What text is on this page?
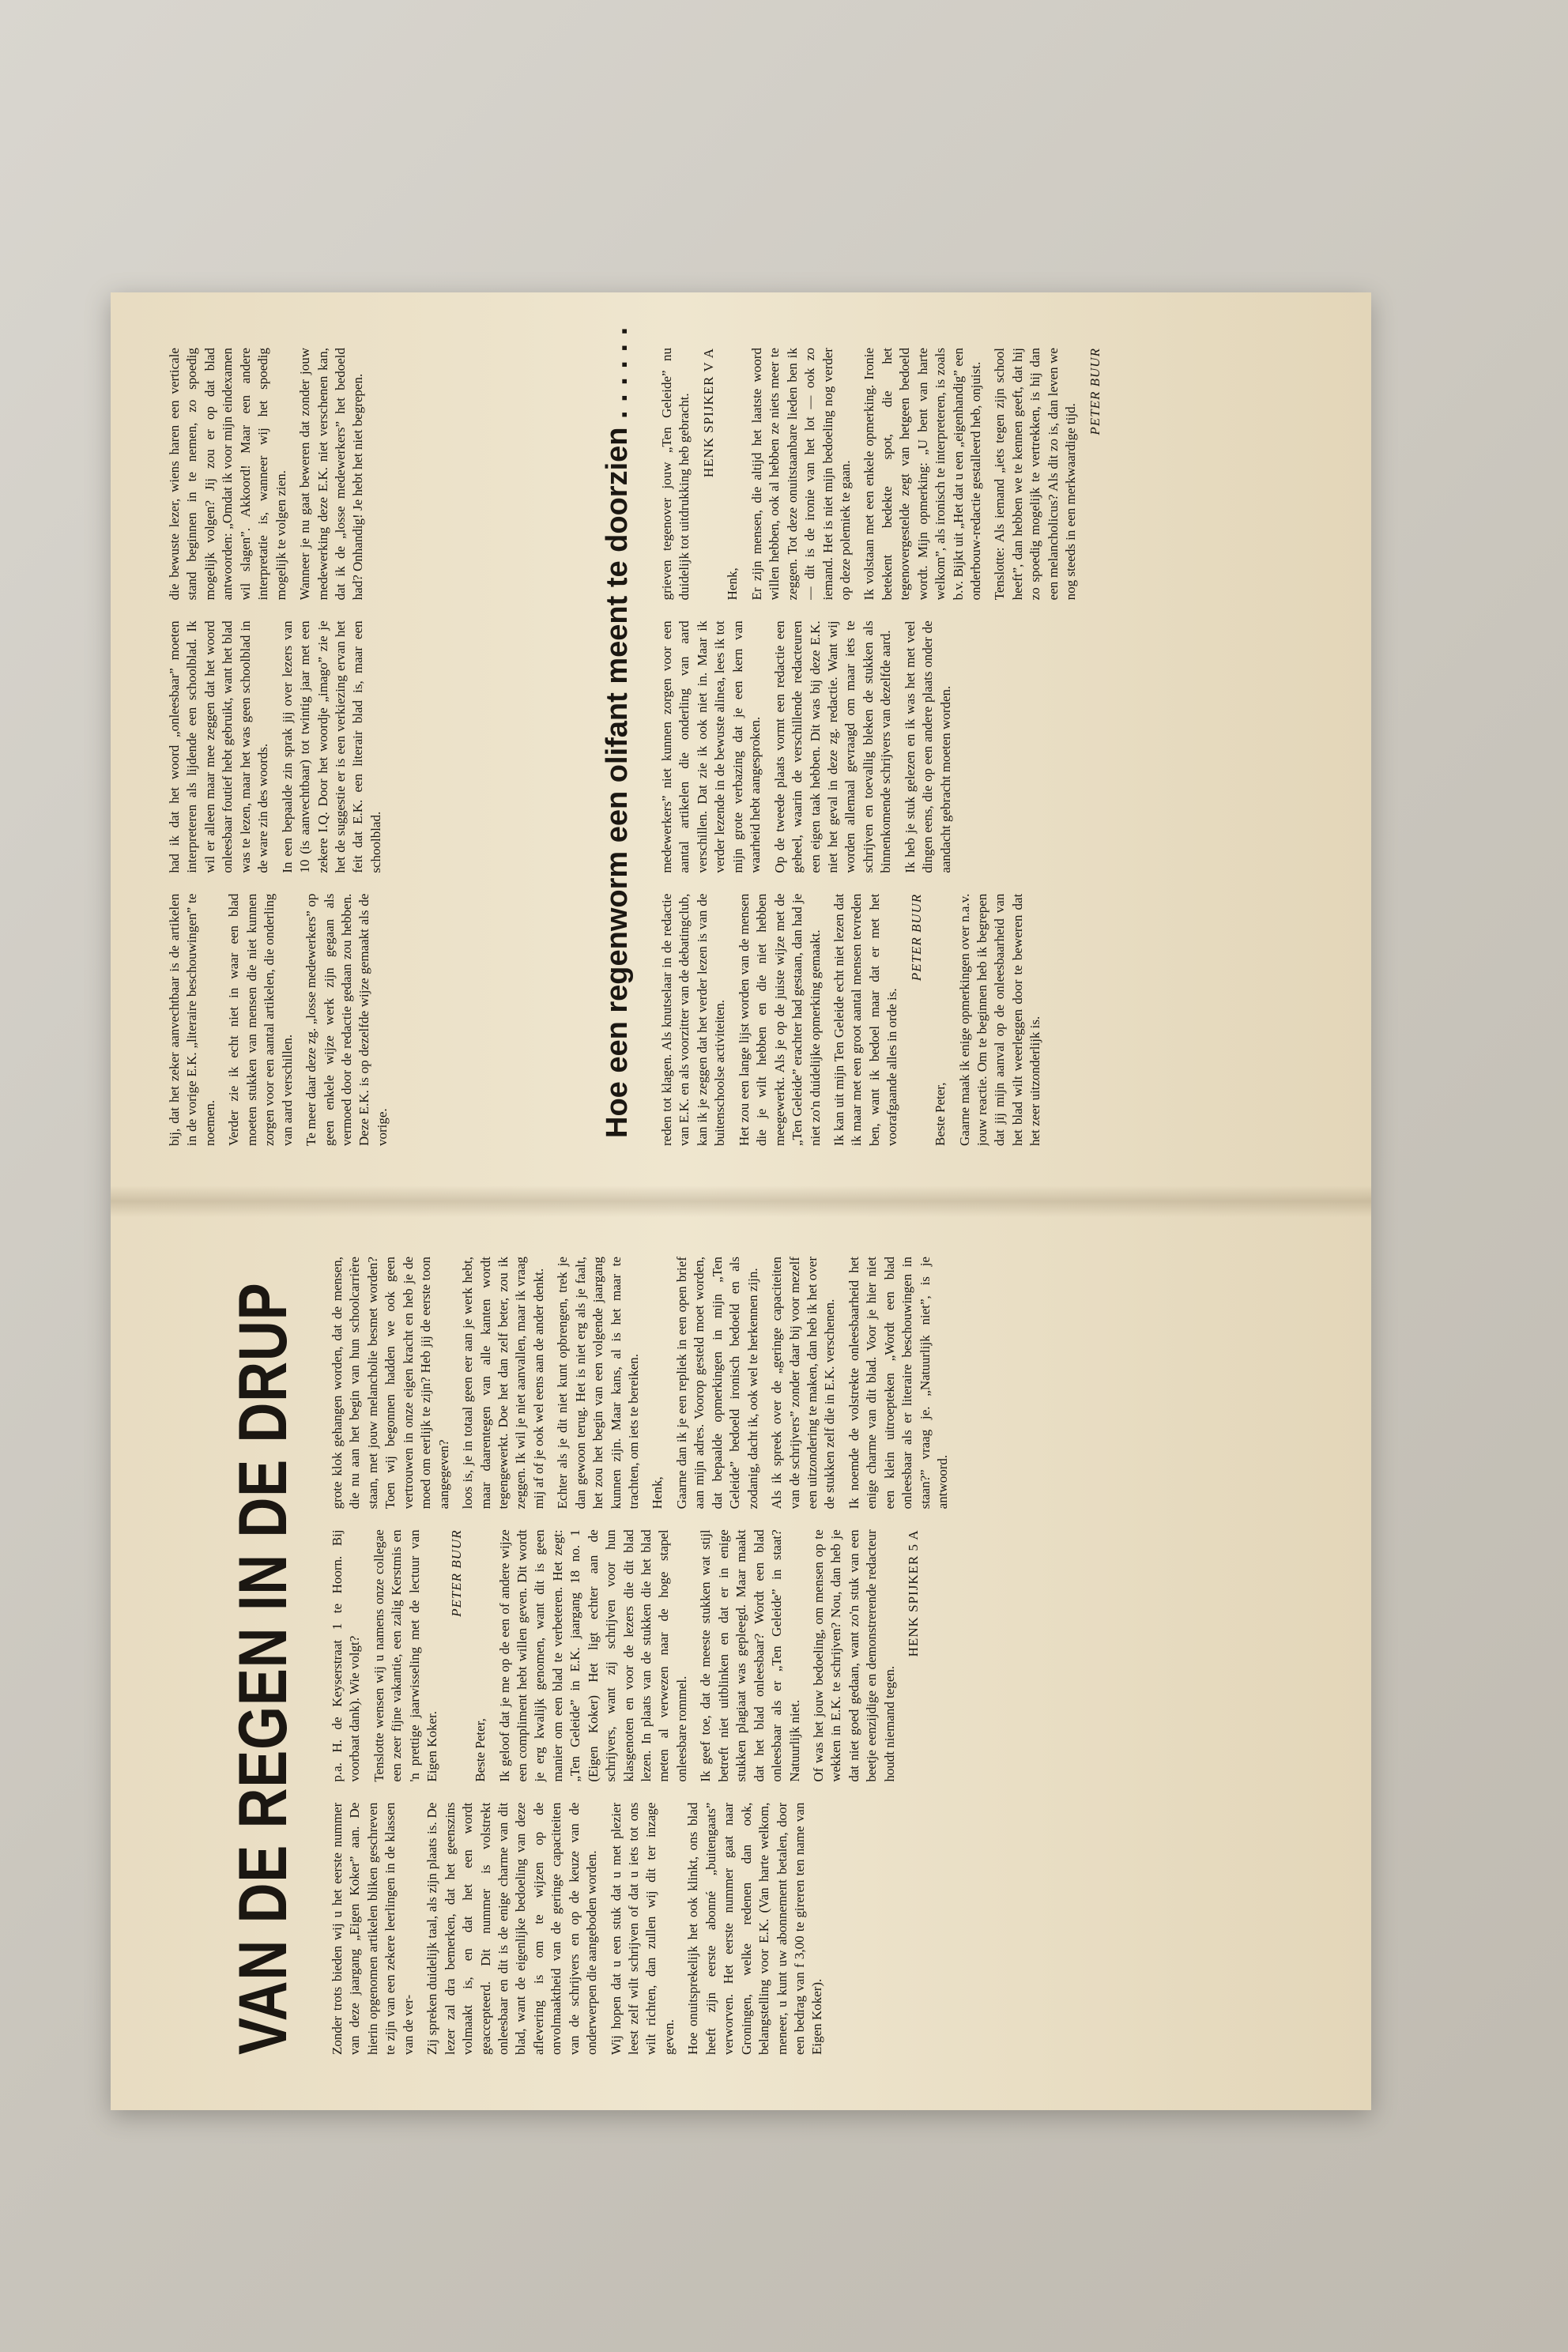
VAN DE REGEN IN DE DRUP Zonder trots bieden wij u het eerste nummer van deze jaargang „Eigen Koker” aan. De hierin opgenomen artikelen bliken geschreven te zijn van een zekere leerlingen in de klassen van de ver- Zij spreken duidelijk taal, als zijn plaats is. De lezer zal dra bemerken, dat het geenszins volmaakt is, en dat het een wordt geaccepteerd. Dit nummer is volstrekt onleesbaar en dit is de enige charme van dit blad, want de eigenlijke bedoeling van deze aflevering is om te wijzen op de onvolmaaktheid van de geringe capaciteiten van de schrijvers en op de keuze van de onderwerpen die aangeboden worden. Wij hopen dat u een stuk dat u met plezier leest zelf wilt schrijven of dat u iets tot ons wilt richten, dan zullen wij dit ter inzage geven. Hoe onuitsprekelijk het ook klinkt, ons blad heeft zijn eerste abonné „buitengaats” verworven. Het eerste nummer gaat naar Groningen, welke redenen dan ook, belangstelling voor E.K. (Van harte welkom, meneer, u kunt uw abonnement betalen, door een bedrag van f 3,00 te gireren ten name van Eigen Koker).

p.a. H. de Keyserstraat 1 te Hoorn. Bij voorbaat dank). Wie volgt? Tenslotte wensen wij u namens onze collegae een zeer fijne vakantie, een zalig Kerstmis en 'n prettige jaarwisseling met de lectuur van Eigen Koker.

PETER BUUR

Beste Peter, Ik geloof dat je me op de een of andere wijze een compliment hebt willen geven. Dit wordt je erg kwalijk genomen, want dit is geen manier om een blad te verbeteren. Het zegt: „Ten Geleide” in E.K. jaargang 18 no. 1 (Eigen Koker) Het ligt echter aan de schrijvers, want zij schrijven voor hun klasgenoten en voor de lezers die dit blad lezen. In plaats van de stukken die het blad meten al verwezen naar de hoge stapel onleesbare rommel. Ik geef toe, dat de meeste stukken wat stijl betreft niet uitblinken en dat er in enige stukken plagiaat was gepleegd. Maar maakt dat het blad onleesbaar? Wordt een blad onleesbaar als er „Ten Geleide” in staat? Natuurlijk niet. Of was het jouw bedoeling, om mensen op te wekken in E.K. te schrijven? Nou, dan heb je dat niet goed gedaan, want zo'n stuk van een beetje eenzijdige en demonstrerende redacteur houdt niemand tegen.

HENK SPIJKER 5 A

grote klok gehangen worden, dat de mensen, die nu aan het begin van hun schoolcarrière staan, met jouw melancholie besmet worden? Toen wij begonnen hadden we ook geen vertrouwen in onze eigen kracht en heb je de moed om eerlijk te zijn? Heb jij de eerste toon aangegeven? loos is, je in totaal geen eer aan je werk hebt, maar daarentegen van alle kanten wordt tegengewerkt. Doe het dan zelf beter, zou ik zeggen. Ik wil je niet aanvallen, maar ik vraag mij af of je ook wel eens aan de ander denkt. Echter als je dit niet kunt opbrengen, trek je dan gewoon terug. Het is niet erg als je faalt, het zou het begin van een volgende jaargang kunnen zijn. Maar kans, al is het maar te trachten, om iets te bereiken. Henk, Gaarne dan ik je een repliek in een open brief aan mijn adres. Voorop gesteld moet worden, dat bepaalde opmerkingen in mijn „Ten Geleide” bedoeld ironisch bedoeld en als zodanig, dacht ik, ook wel te herkennen zijn. Als ik spreek over de „geringe capaciteiten van de schrijvers” zonder daar bij voor mezelf een uitzondering te maken, dan heb ik het over de stukken zelf die in E.K. verschenen. Ik noemde de volstrekte onleesbaarheid het enige charme van dit blad. Voor je hier niet een klein uitroepteken „Wordt een blad onleesbaar als er literaire beschouwingen in staan?” vraag je. „Natuurlijk niet”, is je antwoord.

bij, dat het zeker aanvechtbaar is de artikelen in de vorige E.K. „literaire beschouwingen” te noemen. Verder zie ik echt niet in waar een blad moeten stukken van mensen die niet kunnen zorgen voor een aantal artikelen, die onderling van aard verschillen. Te meer daar deze zg. „losse medewerkers” op geen enkele wijze werk zijn gegaan als vermoed door de redactie gedaan zou hebben. Deze E.K. is op dezelfde wijze gemaakt als de vorige.

had ik dat het woord „onleesbaar” moeten interpreteren als lijdende een schoolblad. Ik wil er alleen maar mee zeggen dat het woord onleesbaar foutief hebt gebruikt, want het blad was te lezen, maar het was geen schoolblad in de ware zin des woords. In een bepaalde zin sprak jij over lezers van 10 (is aanvechtbaar) tot twintig jaar met een zekere I.Q. Door het woordje „imago” zie je het de suggestie er is een verkiezing ervan het feit dat E.K. een literair blad is, maar een schoolblad.

die bewuste lezer, wiens haren een verticale stand beginnen in te nemen, zo spoedig mogelijk volgen? Jij zou er op dat blad antwoorden: „Omdat ik voor mijn eindexamen wil slagen”. Akkoord! Maar een andere interpretatie is, wanneer wij het spoedig mogelijk te volgen zien. Wanneer je nu gaat beweren dat zonder jouw medewerking deze E.K. niet verschenen kan, dat ik de „losse medewerkers” het bedoeld had? Onhandig! Je hebt het niet begrepen.	Hoe een regenworm een olifant meent te doorzien . . . . . . reden tot klagen. Als knutselaar in de redactie van E.K. en als voorzitter van de debatingclub, kan ik je zeggen dat het verder lezen is van de buitenschoolse activiteiten. Het zou een lange lijst worden van de mensen die je wilt hebben en die niet hebben meegewerkt. Als je op de juiste wijze met de „Ten Geleide” erachter had gestaan, dan had je niet zo'n duidelijke opmerking gemaakt. Ik kan uit mijn Ten Geleide echt niet lezen dat ik maar met een groot aantal mensen tevreden ben, want ik bedoel maar dat er met het voorafgaande alles in orde is.

PETER BUUR

Beste Peter, Gaarne maak ik enige opmerkingen over n.a.v. jouw reactie. Om te beginnen heb ik begrepen dat jij mijn aanval op de onleesbaarheid van het blad wilt weerleggen door te beweren dat het zeer uitzonderlijk is.

medewerkers” niet kunnen zorgen voor een aantal artikelen die onderling van aard verschillen. Dat zie ik ook niet in. Maar ik verder lezende in de bewuste alinea, lees ik tot mijn grote verbazing dat je een kern van waarheid hebt aangesproken. Op de tweede plaats vormt een redactie een geheel, waarin de verschillende redacteuren een eigen taak hebben. Dit was bij deze E.K. niet het geval in deze zg. redactie. Want wij worden allemaal gevraagd om maar iets te schrijven en toevallig bleken de stukken als binnenkomende schrijvers van dezelfde aard. Ik heb je stuk gelezen en ik was het met veel dingen eens, die op een andere plaats onder de aandacht gebracht moeten worden.

grieven tegenover jouw „Ten Geleide” nu duidelijk tot uitdrukking heb gebracht. HENK SPIJKER V A

Henk, Er zijn mensen, die altijd het laatste woord willen hebben, ook al hebben ze niets meer te zeggen. Tot deze onuitstaanbare lieden ben ik — dit is de ironie van het lot — ook zo iemand. Het is niet mijn bedoeling nog verder op deze polemiek te gaan. Ik volstaan met een enkele opmerking. Ironie betekent bedekte spot, die het tegenovergestelde zegt van hetgeen bedoeld wordt. Mijn opmerking: „U bent van harte welkom”, als ironisch te interpreteren, is zoals b.v. Bijkt uit „Het dat u een „eigenhandig” een onderbouw-redactie gestalleerd heb, onjuist. Tenslotte: Als iemand „iets tegen zijn school heeft”, dan hebben we te kennen geeft, dat hij zo spoedig mogelijk te vertrekken, is hij dan een melancholicus? Als dit zo is, dan leven we nog steeds in een merkwaardige tijd.

PETER BUUR
